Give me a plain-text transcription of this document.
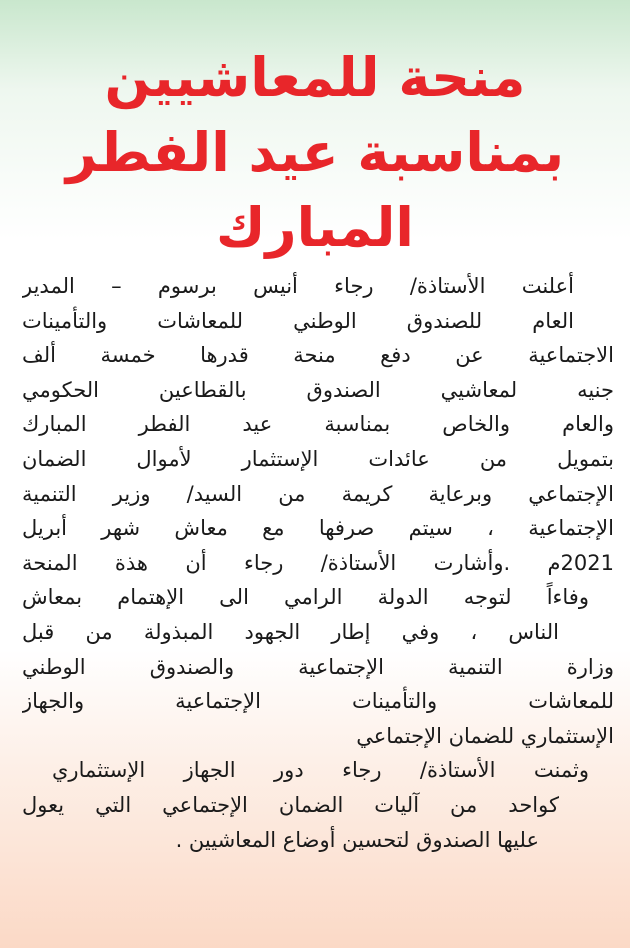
منحة للمعاشيين
بمناسبة عيد الفطر
المبارك
أعلنت الأستاذة/ رجاء أنيس برسوم – المدير
العام للصندوق الوطني للمعاشات والتأمينات
الاجتماعية عن دفع منحة قدرها خمسة ألف
جنيه لمعاشيي الصندوق بالقطاعين الحكومي
والعام والخاص بمناسبة عيد الفطر المبارك
بتمويل من عائدات الإستثمار لأموال الضمان
الإجتماعي وبرعاية كريمة من السيد/ وزير التنمية
الإجتماعية ، سيتم صرفها مع معاش شهر أبريل
2021م .وأشارت الأستاذة/ رجاء أن هذة المنحة
وفاءاً لتوجه الدولة الرامي الى الإهتمام بمعاش
الناس ، وفي إطار الجهود المبذولة من قبل
وزارة التنمية الإجتماعية والصندوق الوطني
للمعاشات والتأمينات الإجتماعية والجهاز
الإستثماري للضمان الإجتماعي
وثمنت الأستاذة/ رجاء دور الجهاز الإستثماري
كواحد من آليات الضمان الإجتماعي التي يعول
عليها الصندوق لتحسين أوضاع المعاشيين .
